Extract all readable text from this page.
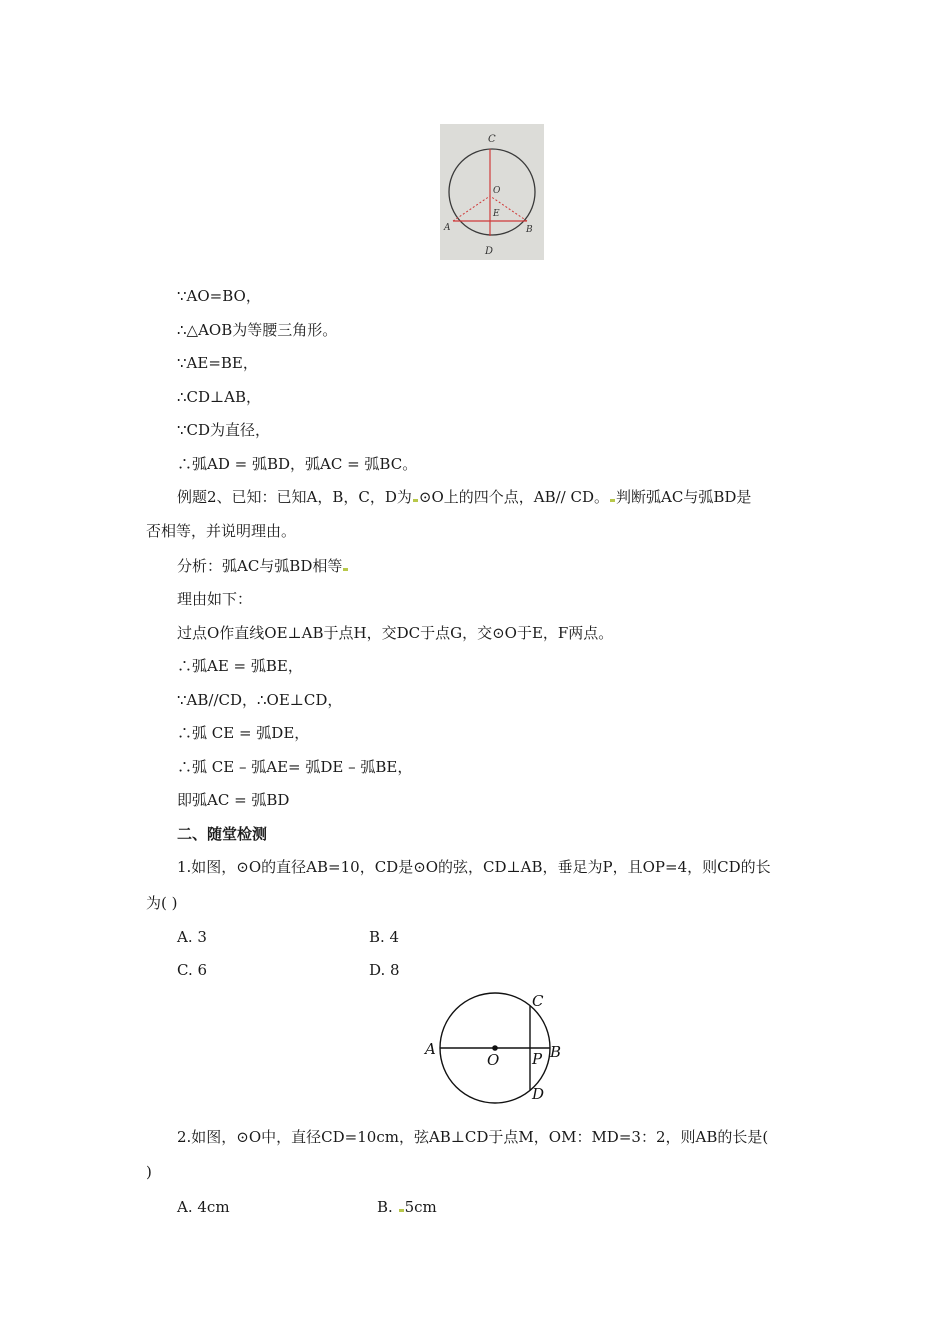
C
O
E
A	B
D
∵AO=BO，
∴△AOB为等腰三角形。
∵AE=BE，
∴CD⊥AB，
∵CD为直径，
∴弧AD = 弧BD，弧AC = 弧BC。
例题2、已知：已知A，B，C，D为 ⊙O上的四个点，AB// CD。 判断弧AC与弧BD是
否相等，并说明理由。
分析：弧AC与弧BD相等
理由如下：
过点O作直线OE⊥AB于点H，交DC于点G，交⊙O于E，F两点。
∴弧AE = 弧BE，
∵AB//CD，∴OE⊥CD，
∴弧 CE = 弧DE，
∴弧 CE – 弧AE= 弧DE – 弧BE，
即弧AC = 弧BD
二、随堂检测
1.如图，⊙O的直径AB=10，CD是⊙O的弦，CD⊥AB，垂足为P，且OP=4，则CD的长
为( )
A. 3	B. 4
C. 6	D. 8
A
O P B
C
D
2.如图，⊙O中，直径CD=10cm，弦AB⊥CD于点M，OM：MD=3：2，则AB的长是(
)
A. 4cm	B. 5cm
